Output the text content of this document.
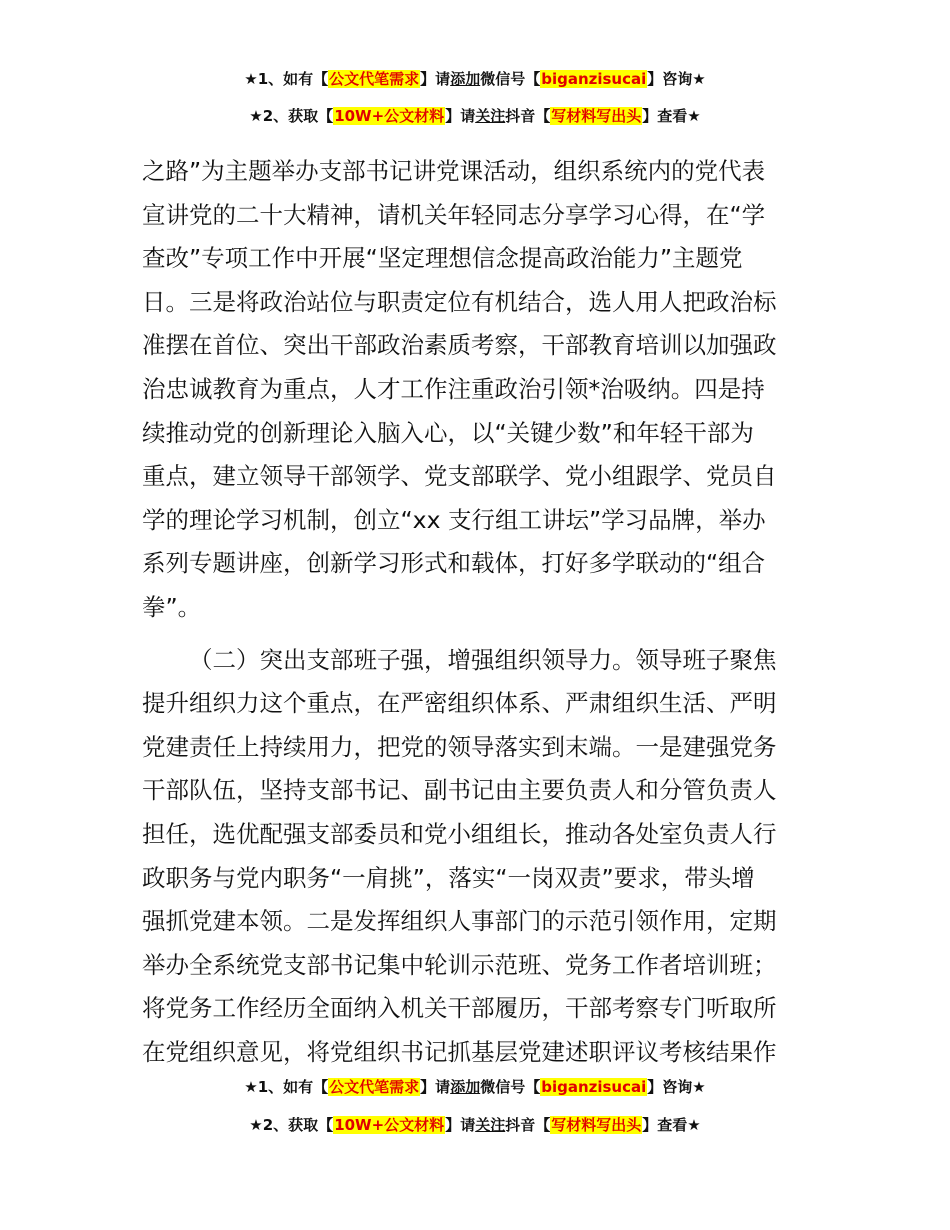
★1、如有【公文代笔需求】请添加微信号【biganzisucai】咨询★
★2、获取【10W+公文材料】请关注抖音【写材料写出头】查看★
之路”为主题举办支部书记讲党课活动，组织系统内的党代表
宣讲党的二十大精神，请机关年轻同志分享学习心得，在“学
查改”专项工作中开展“坚定理想信念提高政治能力”主题党
日。三是将政治站位与职责定位有机结合，选人用人把政治标
准摆在首位、突出干部政治素质考察，干部教育培训以加强政
治忠诚教育为重点，人才工作注重政治引领*治吸纳。四是持
续推动党的创新理论入脑入心，以“关键少数”和年轻干部为
重点，建立领导干部领学、党支部联学、党小组跟学、党员自
学的理论学习机制，创立“xx 支行组工讲坛”学习品牌，举办
系列专题讲座，创新学习形式和载体，打好多学联动的“组合
拳”。
（二）突出支部班子强，增强组织领导力。领导班子聚焦
提升组织力这个重点，在严密组织体系、严肃组织生活、严明
党建责任上持续用力，把党的领导落实到末端。一是建强党务
干部队伍，坚持支部书记、副书记由主要负责人和分管负责人
担任，选优配强支部委员和党小组组长，推动各处室负责人行
政职务与党内职务“一肩挑”，落实“一岗双责”要求，带头增
强抓党建本领。二是发挥组织人事部门的示范引领作用，定期
举办全系统党支部书记集中轮训示范班、党务工作者培训班；
将党务工作经历全面纳入机关干部履历，干部考察专门听取所
在党组织意见，将党组织书记抓基层党建述职评议考核结果作
★1、如有【公文代笔需求】请添加微信号【biganzisucai】咨询★
★2、获取【10W+公文材料】请关注抖音【写材料写出头】查看★
